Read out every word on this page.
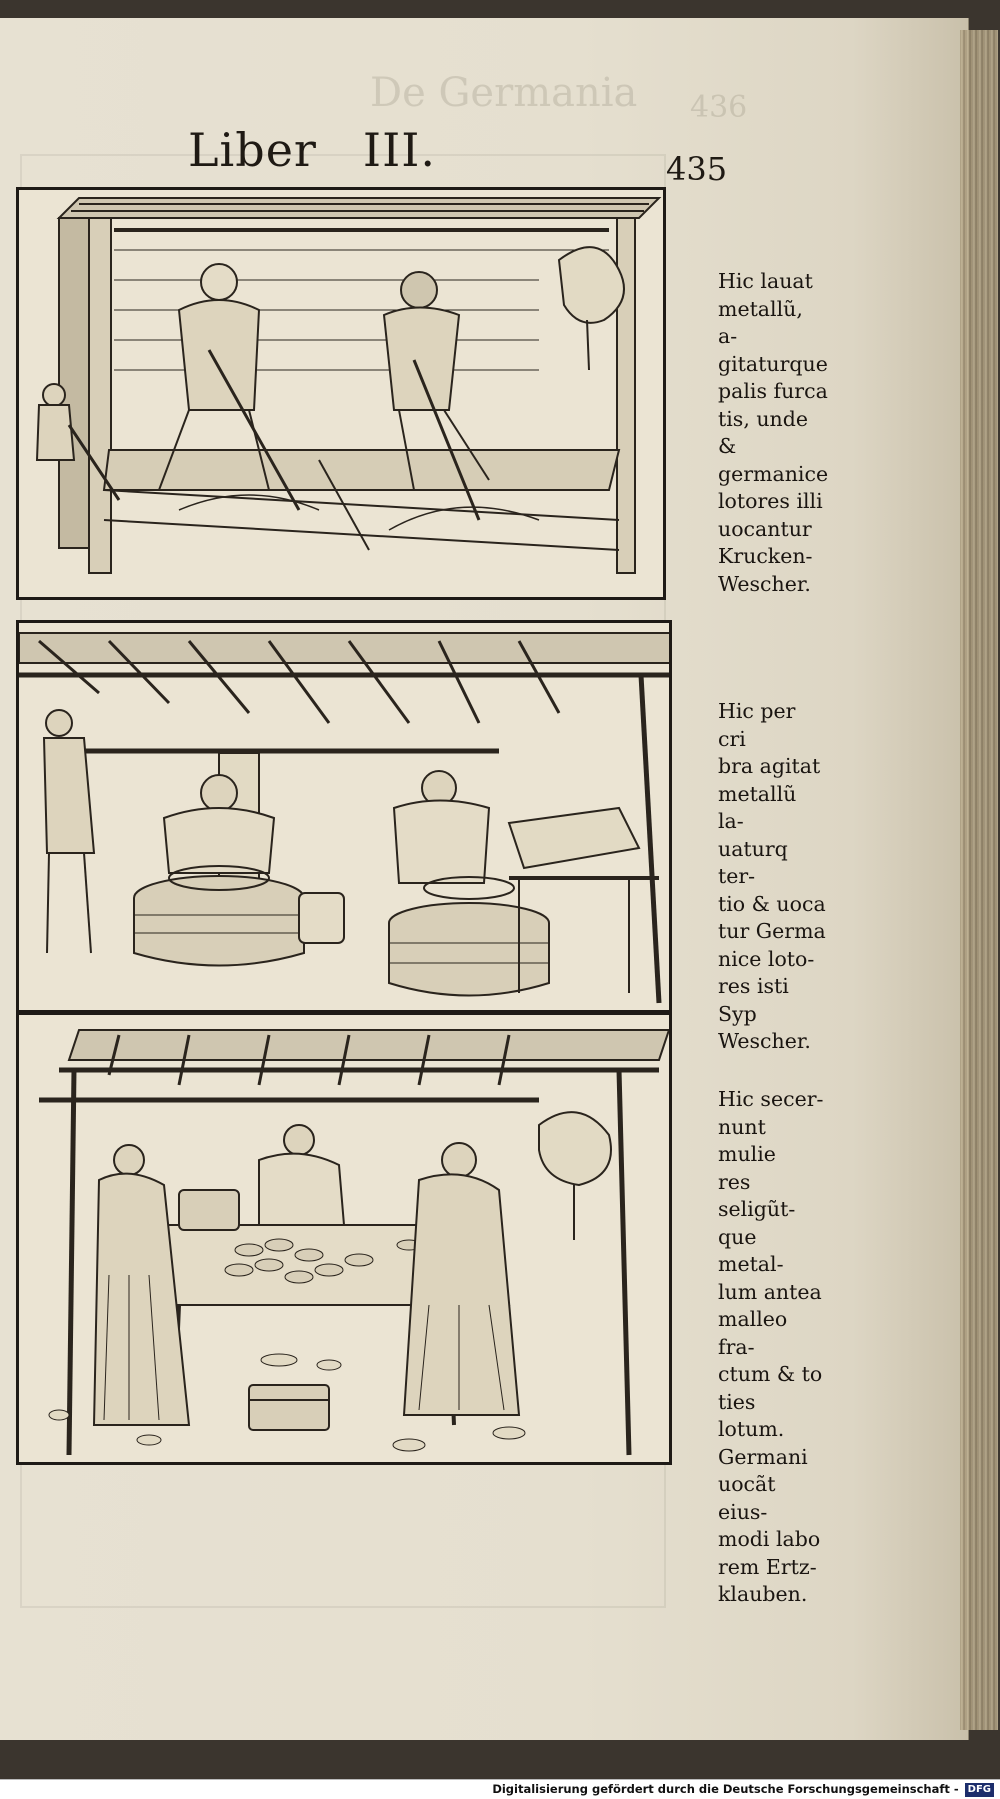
De Germania 436
Liber III.	435
Hic lauat
metallũ, a-
gitaturque
palis furca
tis, unde &
germanice
lotores illi
uocantur
Krucken-
Wescher.
Hic per cri
bra agitat
metallũ la-
uaturq ter-
tio & uoca
tur Germa
nice loto-
res isti Syp
Wescher.
Hic secer-
nunt mulie
res seligũt-
que metal-
lum antea
malleo fra-
ctum & to
ties lotum.
Germani
uocãt eius-
modi labo
rem Ertz-
klauben.
Digitalisierung gefördert durch die Deutsche Forschungsgemeinschaft - DFG
